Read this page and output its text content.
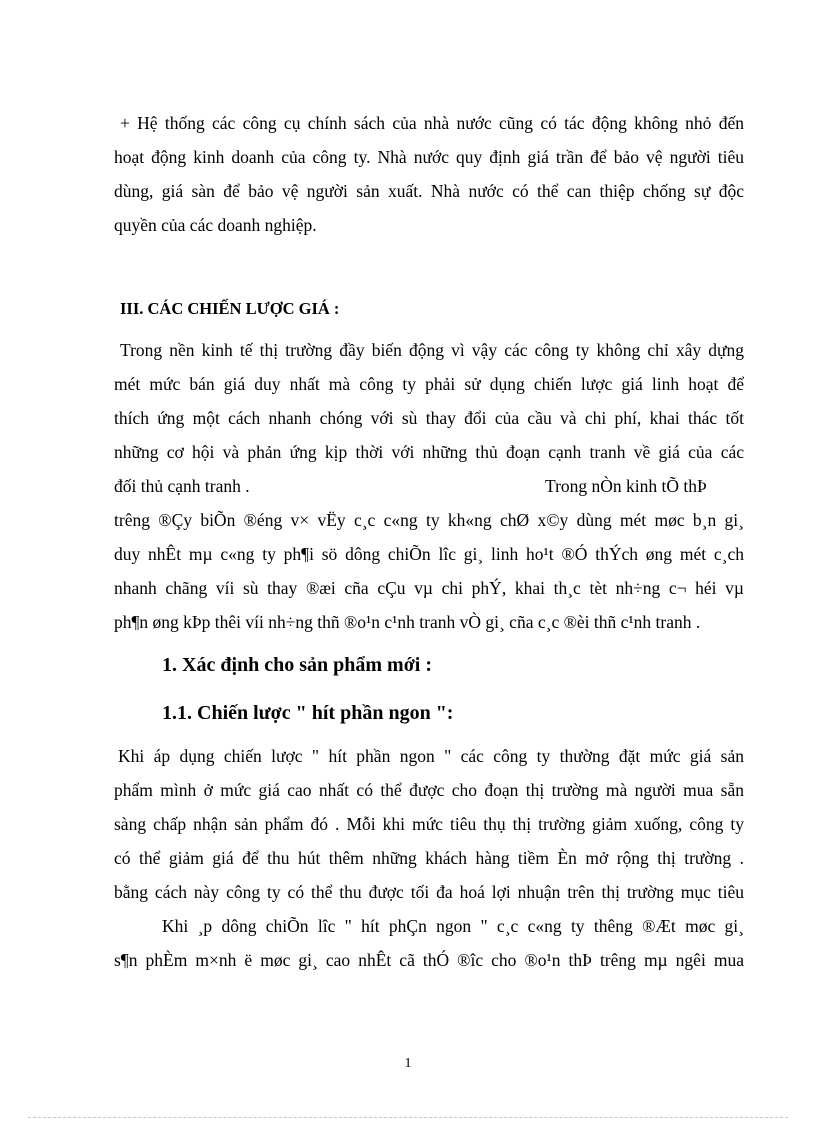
+ Hệ thống các công cụ chính sách của nhà nước cũng có tác động không nhỏ đến
hoạt động kinh doanh của công ty. Nhà nước quy định giá trần để bảo vệ người tiêu
dùng, giá sàn để bảo vệ người sản xuất. Nhà nước có thể can thiệp chống sự độc
quyền của các doanh nghiệp.
III. CÁC CHIẾN LƯỢC GIÁ :
Trong nền kinh tế thị trường đầy biến động vì vậy các công ty không chỉ xây dựng
mét mức bán giá duy nhất mà công ty phải sử dụng chiến lược giá linh hoạt để
thích ứng một cách nhanh chóng với sù thay đổi của cầu và chi phí, khai thác tốt
những cơ hội và phản ứng kịp thời với những thủ đoạn cạnh tranh về giá của các
đối thủ cạnh tranh .	Trong nÒn kinh tÕ thÞ
trêng ®Çy biÕn ®éng v× vËy c¸c c«ng ty kh«ng chØ x©y dùng mét møc b¸n gi¸
duy nhÊt mµ c«ng ty ph¶i sö dông chiÕn lîc gi¸ linh ho¹t ®Ó thÝch øng mét c¸ch
nhanh chãng víi sù thay ®æi cña cÇu vµ chi phÝ, khai th¸c tèt nh÷ng c¬ héi vµ
ph¶n øng kÞp thêi víi nh÷ng thñ ®o¹n c¹nh tranh vÒ gi¸ cña c¸c ®èi thñ c¹nh tranh .
1. Xác định cho sản phẩm mới :
1.1. Chiến lược " hít phần ngon ":
Khi áp dụng chiến lược " hít phần ngon " các công ty thường đặt mức giá sản
phẩm mình ở mức giá cao nhất có thể được cho đoạn thị trường mà người mua sẵn
sàng chấp nhận sản phẩm đó . Mỗi khi mức tiêu thụ thị trường giảm xuống, công ty
có thể giảm giá để thu hút thêm những khách hàng tiềm Èn mở rộng thị trường .
bằng cách này công ty có thể thu được tối đa hoá lợi nhuận trên thị trường mục tiêu
Khi ¸p dông chiÕn lîc " hít phÇn ngon " c¸c c«ng ty thêng ®Æt møc gi¸
s¶n phÈm m×nh ë møc gi¸ cao nhÊt cã thÓ ®îc cho ®o¹n thÞ trêng mµ ngêi mua
1
